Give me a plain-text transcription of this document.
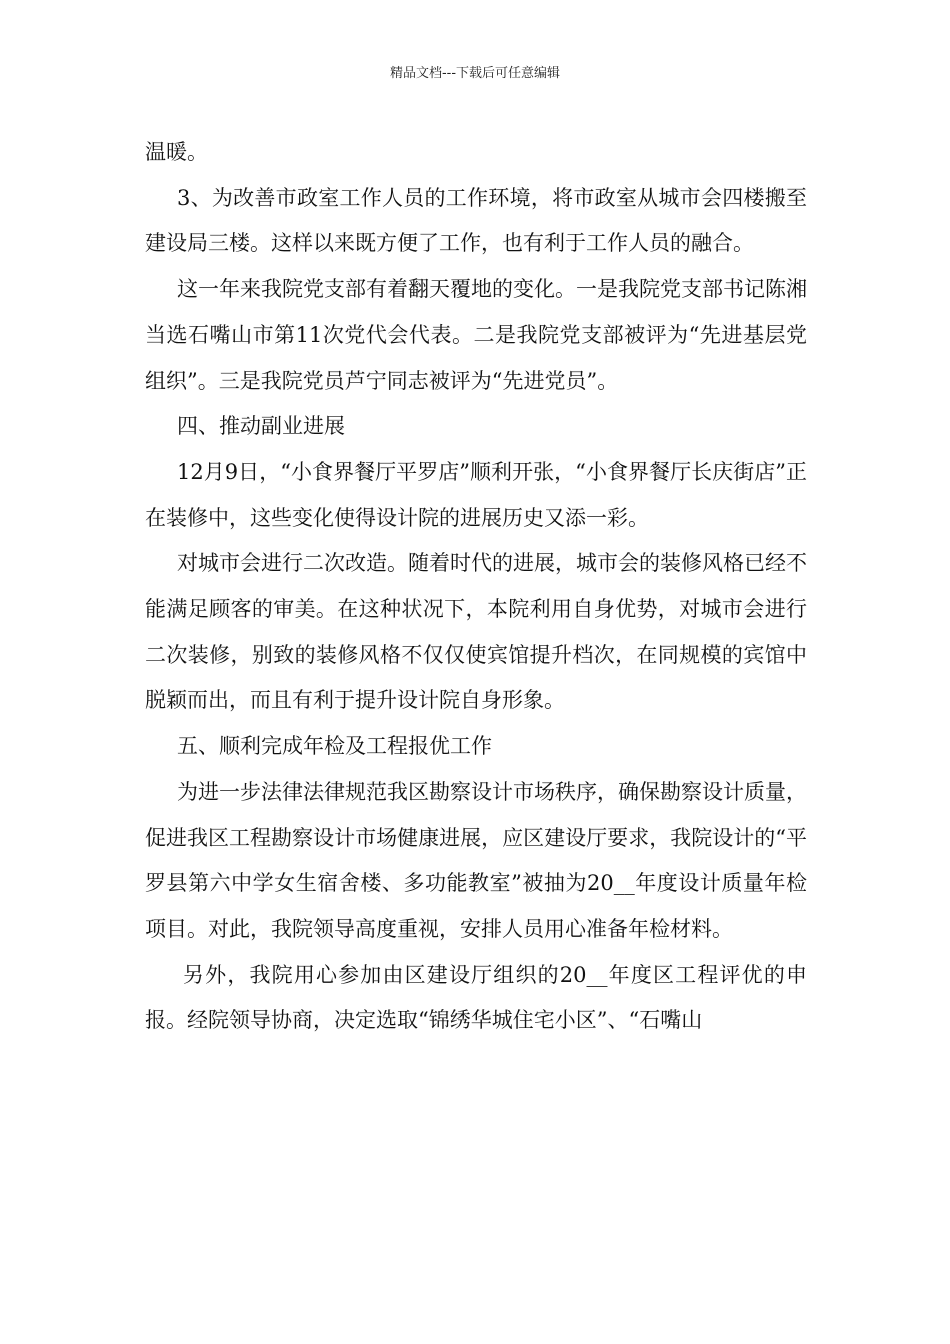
精品文档---下载后可任意编辑

温暖。

3、为改善市政室工作人员的工作环境，将市政室从城市会四楼搬至建设局三楼。这样以来既方便了工作，也有利于工作人员的融合。

这一年来我院党支部有着翻天覆地的变化。一是我院党支部书记陈湘当选石嘴山市第11次党代会代表。二是我院党支部被评为“先进基层党组织”。三是我院党员芦宁同志被评为“先进党员”。

四、推动副业进展

12月9日，“小食界餐厅平罗店”顺利开张，“小食界餐厅长庆街店”正在装修中，这些变化使得设计院的进展历史又添一彩。

对城市会进行二次改造。随着时代的进展，城市会的装修风格已经不能满足顾客的审美。在这种状况下，本院利用自身优势，对城市会进行二次装修，别致的装修风格不仅仅使宾馆提升档次，在同规模的宾馆中脱颖而出，而且有利于提升设计院自身形象。

五、顺利完成年检及工程报优工作

为进一步法律法律规范我区勘察设计市场秩序，确保勘察设计质量，促进我区工程勘察设计市场健康进展，应区建设厅要求，我院设计的“平罗县第六中学女生宿舍楼、多功能教室”被抽为20__年度设计质量年检项目。对此，我院领导高度重视，安排人员用心准备年检材料。

另外，我院用心参加由区建设厅组织的20__年度区工程评优的申报。经院领导协商，决定选取“锦绣华城住宅小区”、“石嘴山
